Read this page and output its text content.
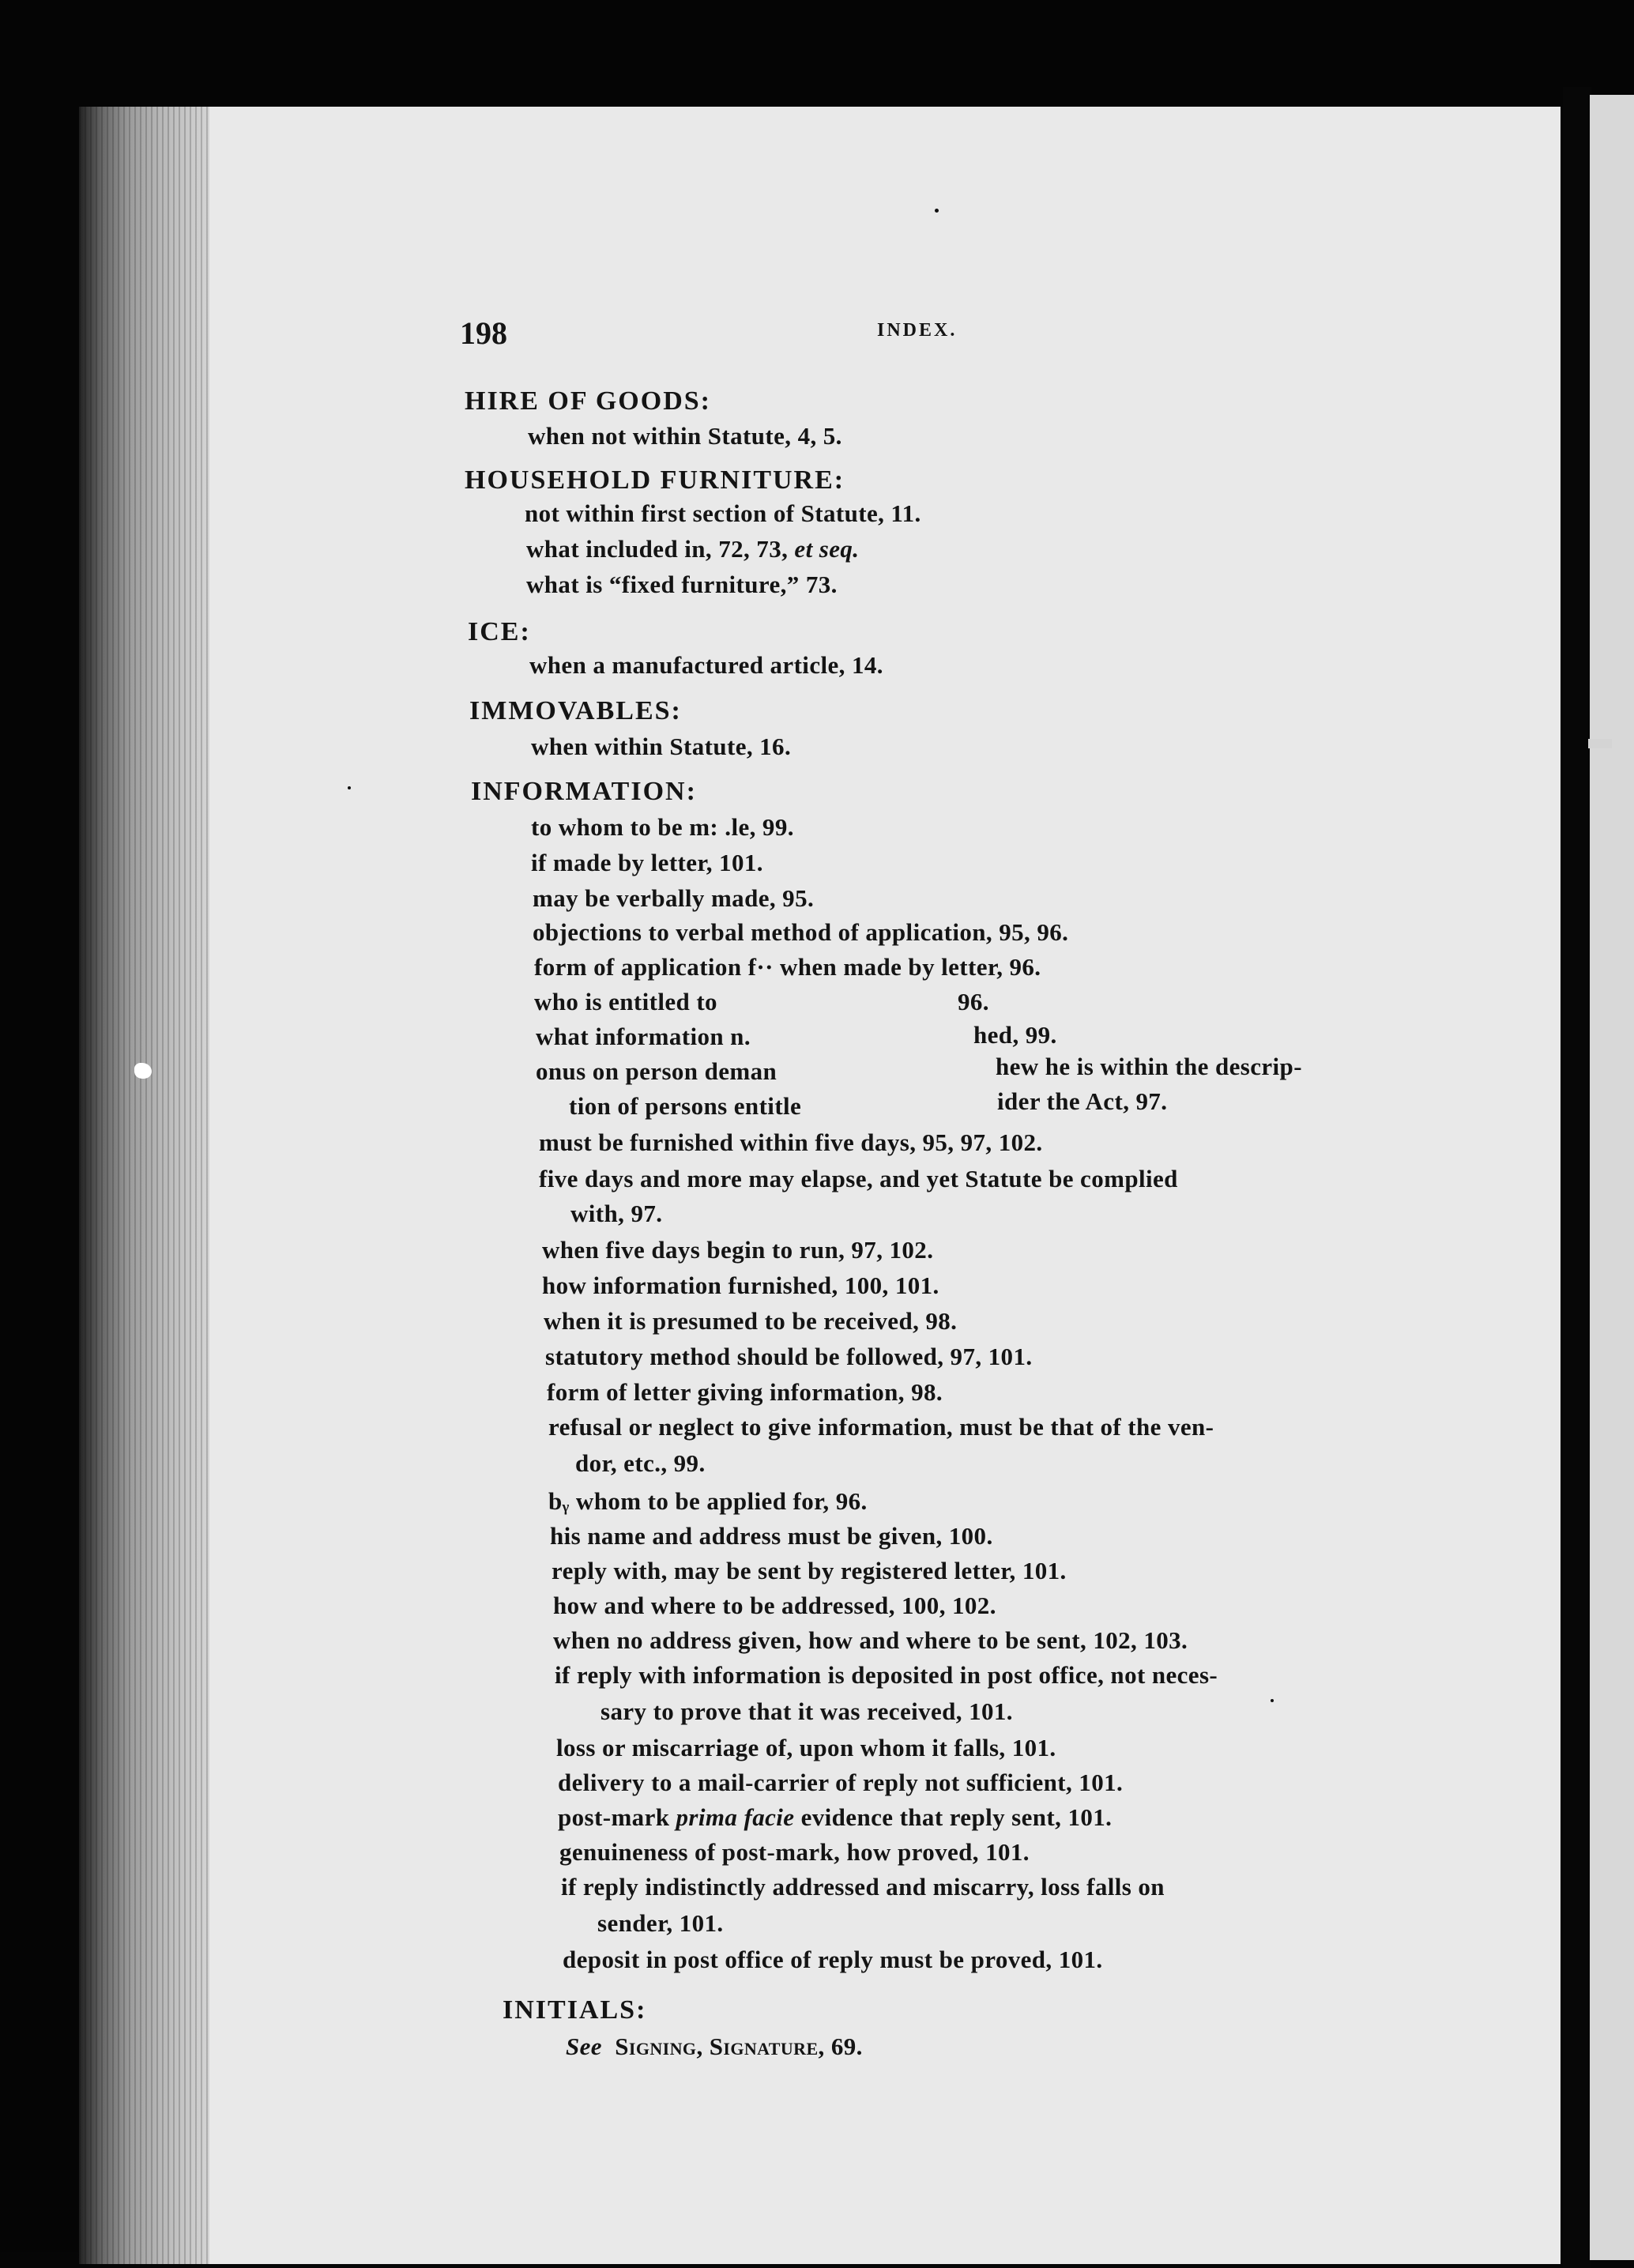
198	INDEX.
HIRE OF GOODS:
when not within Statute, 4, 5.
HOUSEHOLD FURNITURE:
not within first section of Statute, 11.
what included in, 72, 73, et seq.
what is “fixed furniture,” 73.
ICE:
when a manufactured article, 14.
IMMOVABLES:
when within Statute, 16.
INFORMATION:
to whom to be m: .le, 99.
if made by letter, 101.
may be verbally made, 95.
objections to verbal method of application, 95, 96.
form of application f·· when made by letter, 96.
who is entitled to	96.
what information n.	hed, 99.
onus on person deman	hew he is within the descrip-
tion of persons entitle	ider the Act, 97.
must be furnished within five days, 95, 97, 102.
five days and more may elapse, and yet Statute be complied
with, 97.
when five days begin to run, 97, 102.
how information furnished, 100, 101.
when it is presumed to be received, 98.
statutory method should be followed, 97, 101.
form of letter giving information, 98.
refusal or neglect to give information, must be that of the ven-
dor, etc., 99.
bᵧ whom to be applied for, 96.
his name and address must be given, 100.
reply with, may be sent by registered letter, 101.
how and where to be addressed, 100, 102.
when no address given, how and where to be sent, 102, 103.
if reply with information is deposited in post office, not neces-
sary to prove that it was received, 101.
loss or miscarriage of, upon whom it falls, 101.
delivery to a mail-carrier of reply not sufficient, 101.
post-mark prima facie evidence that reply sent, 101.
genuineness of post-mark, how proved, 101.
if reply indistinctly addressed and miscarry, loss falls on
sender, 101.
deposit in post office of reply must be proved, 101.
INITIALS:
See Signing, Signature, 69.
